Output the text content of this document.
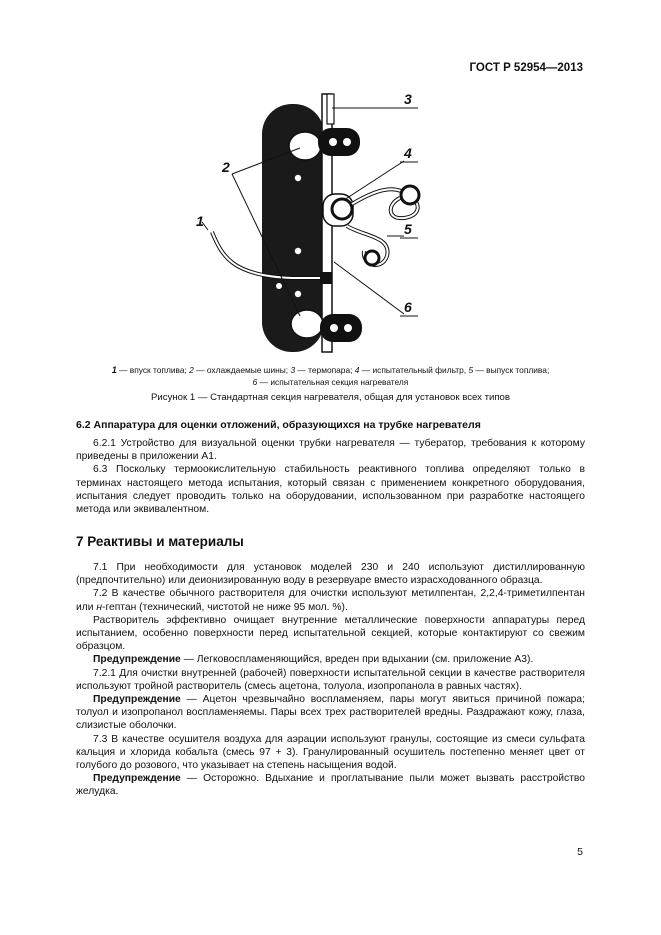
ГОСТ Р 52954—2013
1
2
3
4
5
6
1 — впуск топлива; 2 — охлаждаемые шины; 3 — термопара; 4 — испытательный фильтр, 5 — выпуск топлива;
6 — испытательная секция нагревателя
Рисунок 1 — Стандартная секция нагревателя, общая для установок всех типов
6.2 Аппаратура для оценки отложений, образующихся на трубке нагревателя

6.2.1 Устройство для визуальной оценки трубки нагревателя — тубератор, требования к которому приведены в приложении А1.

6.3 Поскольку термоокислительную стабильность реактивного топлива определяют только в терминах настоящего метода испытания, который связан с применением конкретного оборудования, испытания следует проводить только на оборудовании, использованном при разработке настоящего метода или эквивалентном.

7 Реактивы и материалы

7.1 При необходимости для установок моделей 230 и 240 используют дистиллированную (предпочтительно) или деионизированную воду в резервуаре вместо израсходованного образца.

7.2 В качестве обычного растворителя для очистки используют метилпентан, 2,2,4-триметилпентан или н-гептан (технический, чистотой не ниже 95 мол. %).

Растворитель эффективно очищает внутренние металлические поверхности аппаратуры перед испытанием, особенно поверхности перед испытательной секцией, которые контактируют со свежим образцом.

Предупреждение — Легковоспламеняющийся, вреден при вдыхании (см. приложение А3).

7.2.1 Для очистки внутренней (рабочей) поверхности испытательной секции в качестве растворителя используют тройной растворитель (смесь ацетона, толуола, изопропанола в равных частях).

Предупреждение — Ацетон чрезвычайно воспламеняем, пары могут явиться причиной пожара; толуол и изопропанол воспламеняемы. Пары всех трех растворителей вредны. Раздражают кожу, глаза, слизистые оболочки.

7.3 В качестве осушителя воздуха для аэрации используют гранулы, состоящие из смеси сульфата кальция и хлорида кобальта (смесь 97 + 3). Гранулированный осушитель постепенно меняет цвет от голубого до розового, что указывает на степень насыщения водой.

Предупреждение — Осторожно. Вдыхание и проглатывание пыли может вызвать расстройство желудка.

5
